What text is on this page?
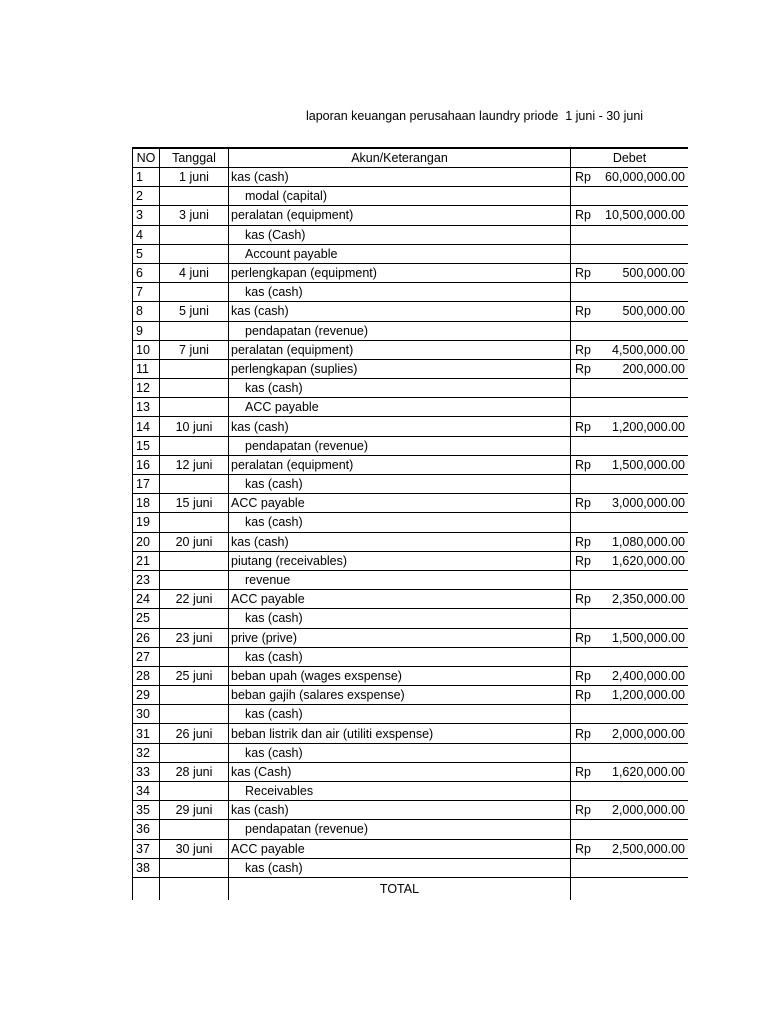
laporan keuangan perusahaan laundry priode  1 juni - 30 juni
NO	Tanggal	Akun/Keterangan	Debet
1	1 juni	kas (cash)	Rp 60,000,000.00

2		modal (capital)	

3	3 juni	peralatan (equipment)	Rp 10,500,000.00

4		kas (Cash)	

5		Account payable	

6	4 juni	perlengkapan (equipment)	Rp 500,000.00

7		kas (cash)	

8	5 juni	kas (cash)	Rp 500,000.00

9		pendapatan (revenue)	

10	7 juni	peralatan (equipment)	Rp 4,500,000.00

11		perlengkapan (suplies)	Rp 200,000.00

12		kas (cash)	

13		ACC payable	

14	10 juni	kas (cash)	Rp 1,200,000.00

15		pendapatan (revenue)	

16	12 juni	peralatan (equipment)	Rp 1,500,000.00

17		kas (cash)	

18	15 juni	ACC payable	Rp 3,000,000.00

19		kas (cash)	

20	20 juni	kas (cash)	Rp 1,080,000.00

21		piutang (receivables)	Rp 1,620,000.00

23		revenue	

24	22 juni	ACC payable	Rp 2,350,000.00

25		kas (cash)	

26	23 juni	prive (prive)	Rp 1,500,000.00

27		kas (cash)	

28	25 juni	beban upah (wages exspense)	Rp 2,400,000.00

29		beban gajih (salares exspense)	Rp 1,200,000.00

30		kas (cash)	

31	26 juni	beban listrik dan air (utiliti exspense)	Rp 2,000,000.00

32		kas (cash)	

33	28 juni	kas (Cash)	Rp 1,620,000.00

34		Receivables	

35	29 juni	kas (cash)	Rp 2,000,000.00

36		pendapatan (revenue)	

37	30 juni	ACC payable	Rp 2,500,000.00

38		kas (cash)	

		TOTAL	
